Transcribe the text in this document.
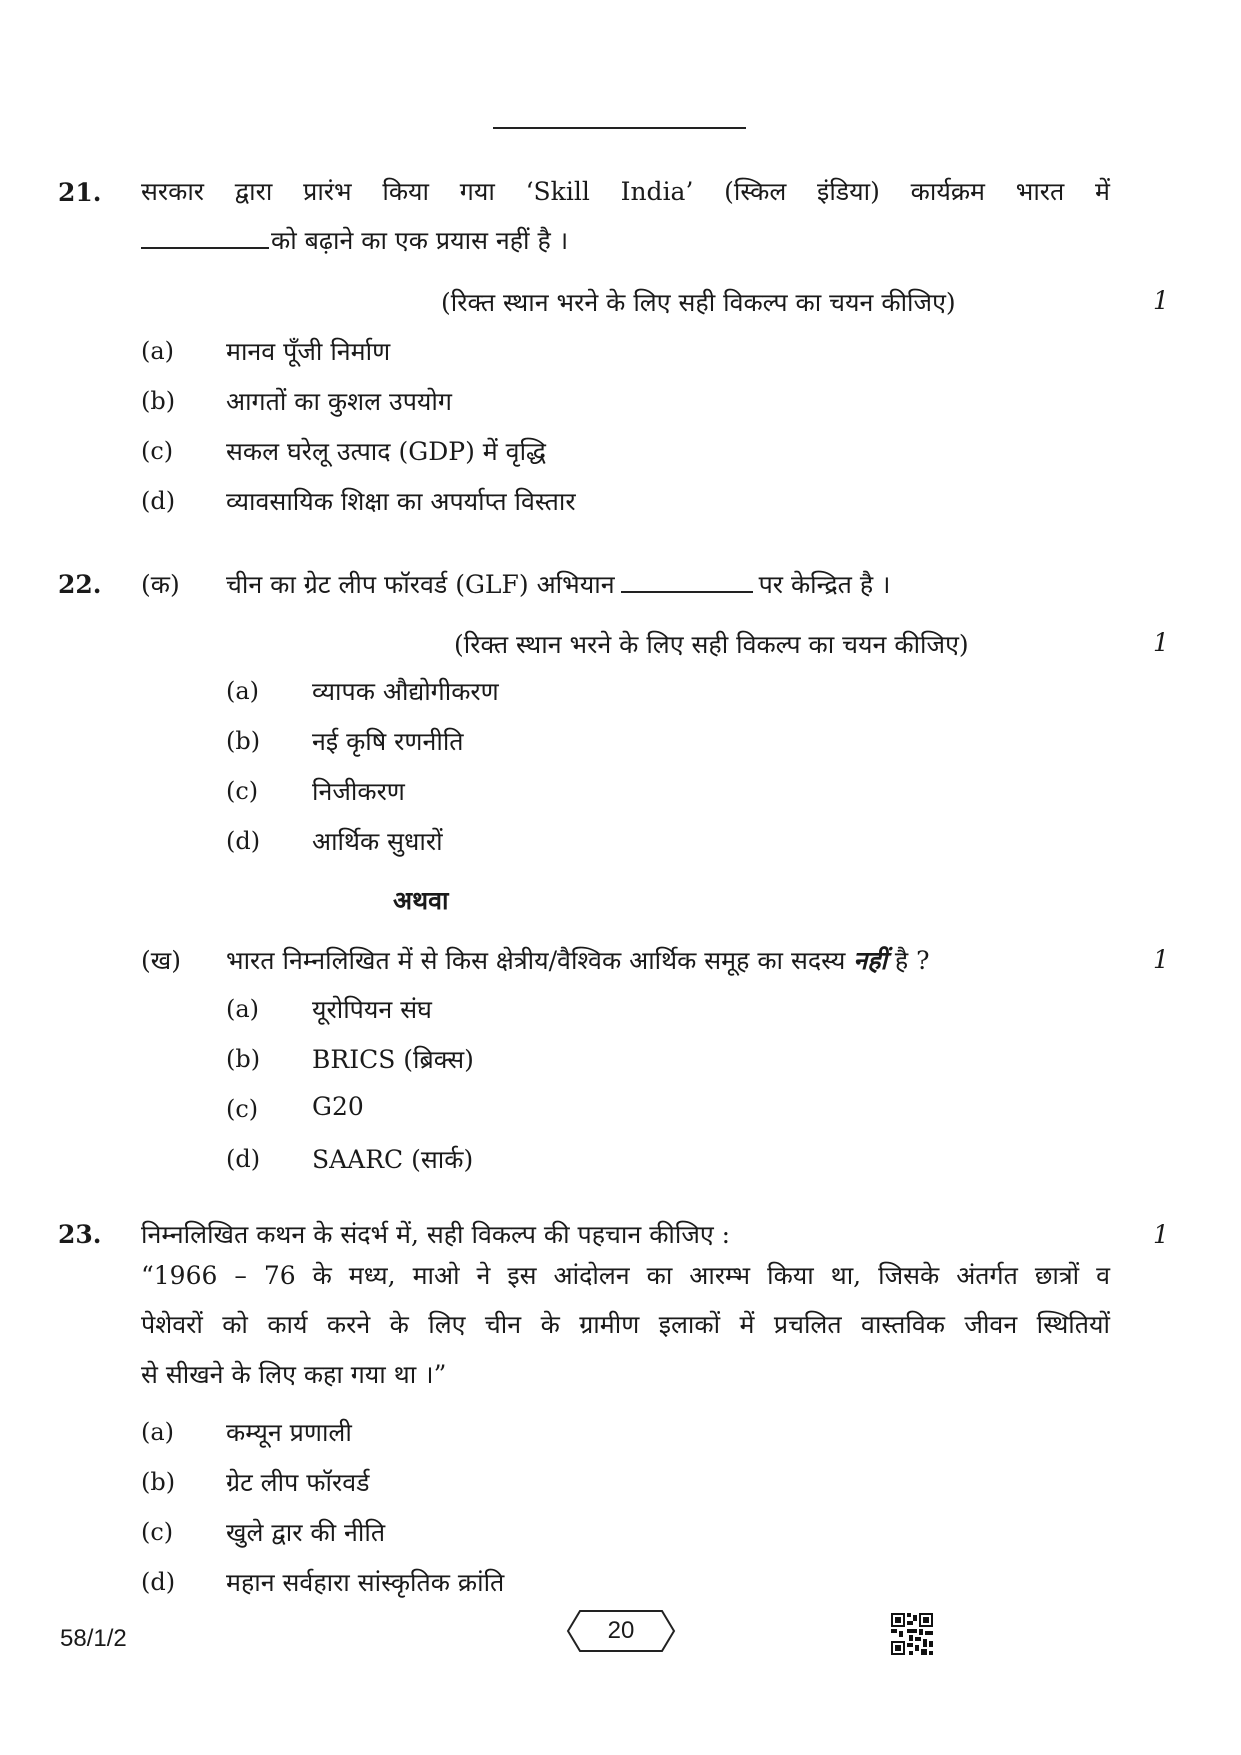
21. सरकार द्वारा प्रारंभ किया गया ‘Skill India’ (स्किल इंडिया) कार्यक्रम भारत में
को बढ़ाने का एक प्रयास नहीं है ।
(रिक्त स्थान भरने के लिए सही विकल्प का चयन कीजिए)	1
(a) मानव पूँजी निर्माण
(b) आगतों का कुशल उपयोग
(c) सकल घरेलू उत्पाद (GDP) में वृद्धि
(d) व्यावसायिक शिक्षा का अपर्याप्त विस्तार
22. (क) चीन का ग्रेट लीप फॉरवर्ड (GLF) अभियान	पर केन्द्रित है ।
(रिक्त स्थान भरने के लिए सही विकल्प का चयन कीजिए)	1
(a) व्यापक औद्योगीकरण
(b) नई कृषि रणनीति
(c) निजीकरण
(d) आर्थिक सुधारों
अथवा
(ख) भारत निम्नलिखित में से किस क्षेत्रीय/वैश्विक आर्थिक समूह का सदस्य नहीं है ?	1
(a) यूरोपियन संघ
(b) BRICS (ब्रिक्स)
(c) G20
(d) SAARC (सार्क)
23. निम्नलिखित कथन के संदर्भ में, सही विकल्प की पहचान कीजिए :	1
“1966 – 76 के मध्य, माओ ने इस आंदोलन का आरम्भ किया था, जिसके अंतर्गत छात्रों व
पेशेवरों को कार्य करने के लिए चीन के ग्रामीण इलाकों में प्रचलित वास्तविक जीवन स्थितियों
से सीखने के लिए कहा गया था ।”
(a) कम्यून प्रणाली
(b) ग्रेट लीप फॉरवर्ड
(c) खुले द्वार की नीति
(d) महान सर्वहारा सांस्कृतिक क्रांति
58/1/2	20
